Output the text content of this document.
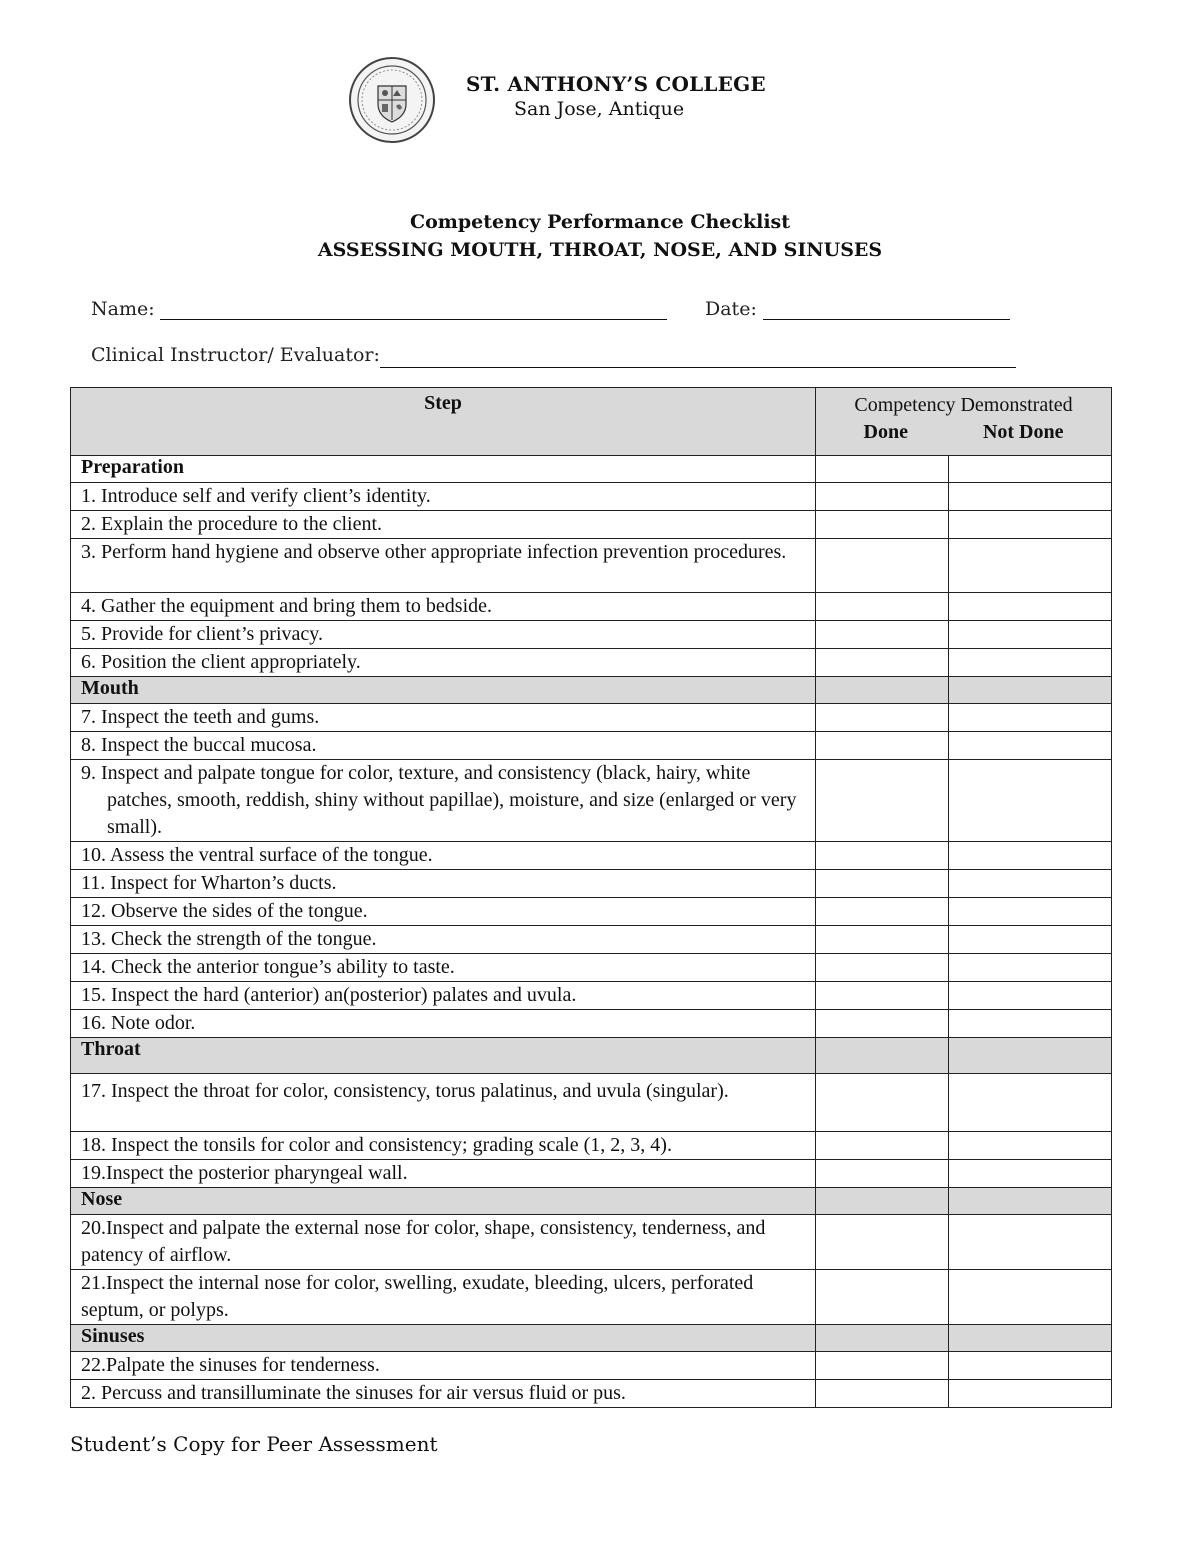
ST. ANTHONY’S COLLEGE
San Jose, Antique
Competency Performance Checklist
ASSESSING MOUTH, THROAT, NOSE, AND SINUSES
Name:	Date:
Clinical Instructor/ Evaluator:
Step	Competency Demonstrated
Done Not Done	

Preparation		
1. Introduce self and verify client’s identity.		
2. Explain the procedure to the client.		
3. Perform hand hygiene and observe other appropriate infection prevention procedures.		
4. Gather the equipment and bring them to bedside.		
5. Provide for client’s privacy.		
6. Position the client appropriately.		
Mouth		
7. Inspect the teeth and gums.		
8. Inspect the buccal mucosa.		
9. Inspect and palpate tongue for color, texture, and consistency (black, hairy, white patches, smooth, reddish, shiny without papillae), moisture, and size (enlarged or very small).		
10. Assess the ventral surface of the tongue.		
11. Inspect for Wharton’s ducts.		
12. Observe the sides of the tongue.		
13. Check the strength of the tongue.		
14. Check the anterior tongue’s ability to taste.		
15. Inspect the hard (anterior) an(posterior) palates and uvula.		
16. Note odor.		
Throat		
17. Inspect the throat for color, consistency, torus palatinus, and uvula (singular).		
18. Inspect the tonsils for color and consistency; grading scale (1, 2, 3, 4).		
19.Inspect the posterior pharyngeal wall.		
Nose		
20.Inspect and palpate the external nose for color, shape, consistency, tenderness, and patency of airflow.		
21.Inspect the internal nose for color, swelling, exudate, bleeding, ulcers, perforated septum, or polyps.		
Sinuses		
22.Palpate the sinuses for tenderness.		
2. Percuss and transilluminate the sinuses for air versus fluid or pus.		
Student’s Copy for Peer Assessment
